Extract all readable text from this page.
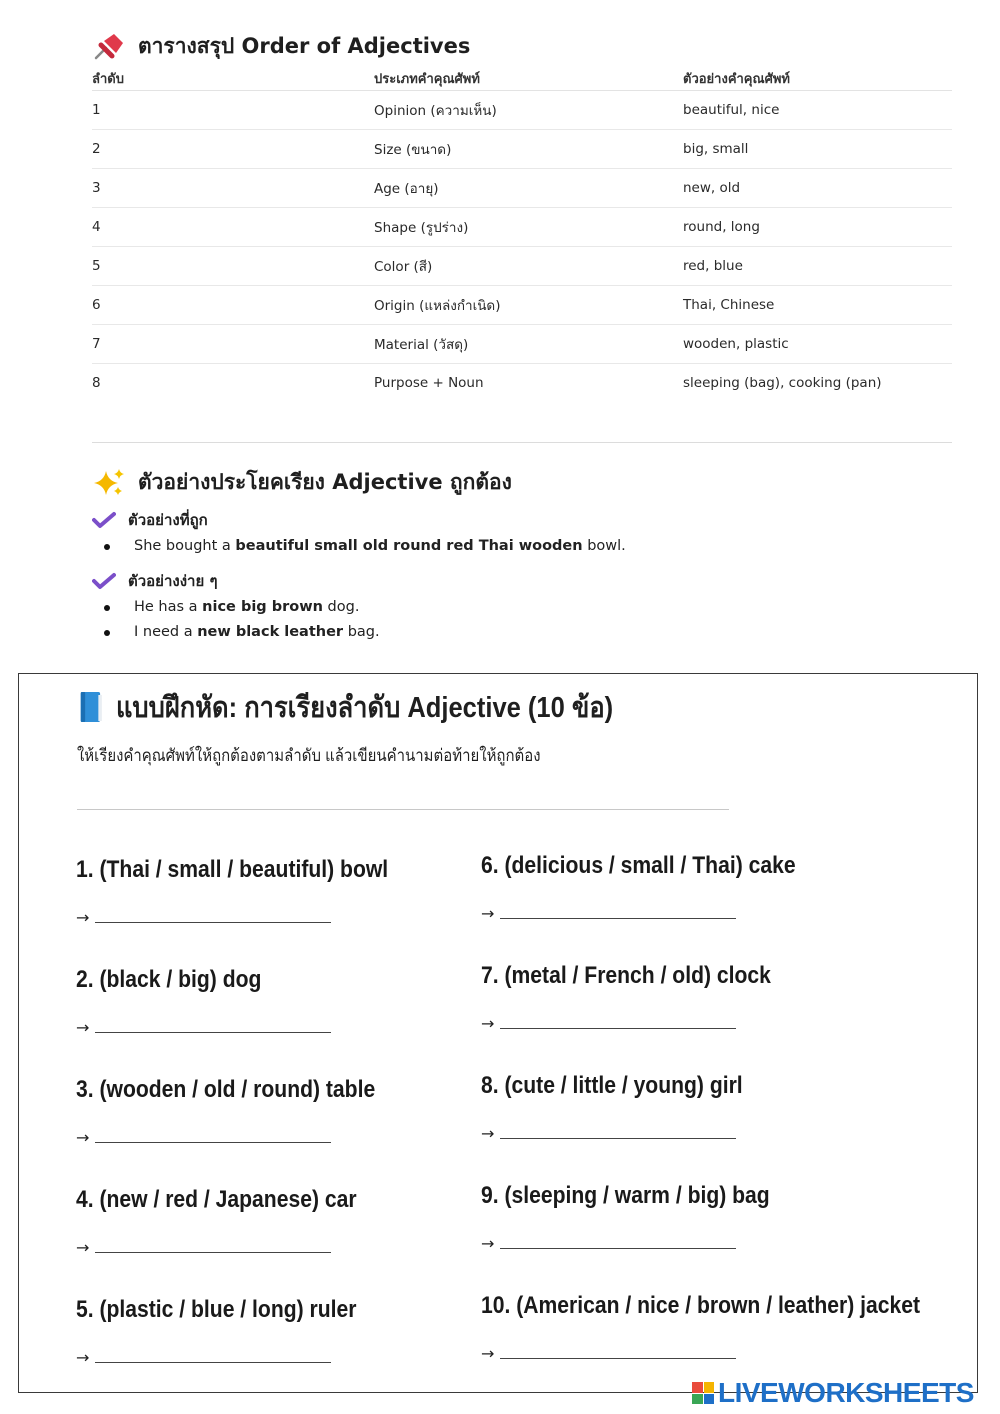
ตารางสรุป Order of Adjectives
ลำดับ	ประเภทคำคุณศัพท์	ตัวอย่างคำคุณศัพท์
1	Opinion (ความเห็น)	beautiful, nice
2	Size (ขนาด)	big, small
3	Age (อายุ)	new, old
4	Shape (รูปร่าง)	round, long
5	Color (สี)	red, blue
6	Origin (แหล่งกำเนิด)	Thai, Chinese
7	Material (วัสดุ)	wooden, plastic
8	Purpose + Noun	sleeping (bag), cooking (pan)
ตัวอย่างประโยคเรียง Adjective ถูกต้อง
ตัวอย่างที่ถูก
She bought a beautiful small old round red Thai wooden bowl.
ตัวอย่างง่าย ๆ
He has a nice big brown dog.
I need a new black leather bag.
แบบฝึกหัด: การเรียงลำดับ Adjective (10 ข้อ)
ให้เรียงคำคุณศัพท์ให้ถูกต้องตามลำดับ แล้วเขียนคำนามต่อท้ายให้ถูกต้อง
1. (Thai / small / beautiful) bowl
→
2. (black / big) dog
→
3. (wooden / old / round) table
→
4. (new / red / Japanese) car
→
5. (plastic / blue / long) ruler
→
6. (delicious / small / Thai) cake
→
7. (metal / French / old) clock
→
8. (cute / little / young) girl
→
9. (sleeping / warm / big) bag
→
10. (American / nice / brown / leather) jacket
→
LIVEWORKSHEETS
